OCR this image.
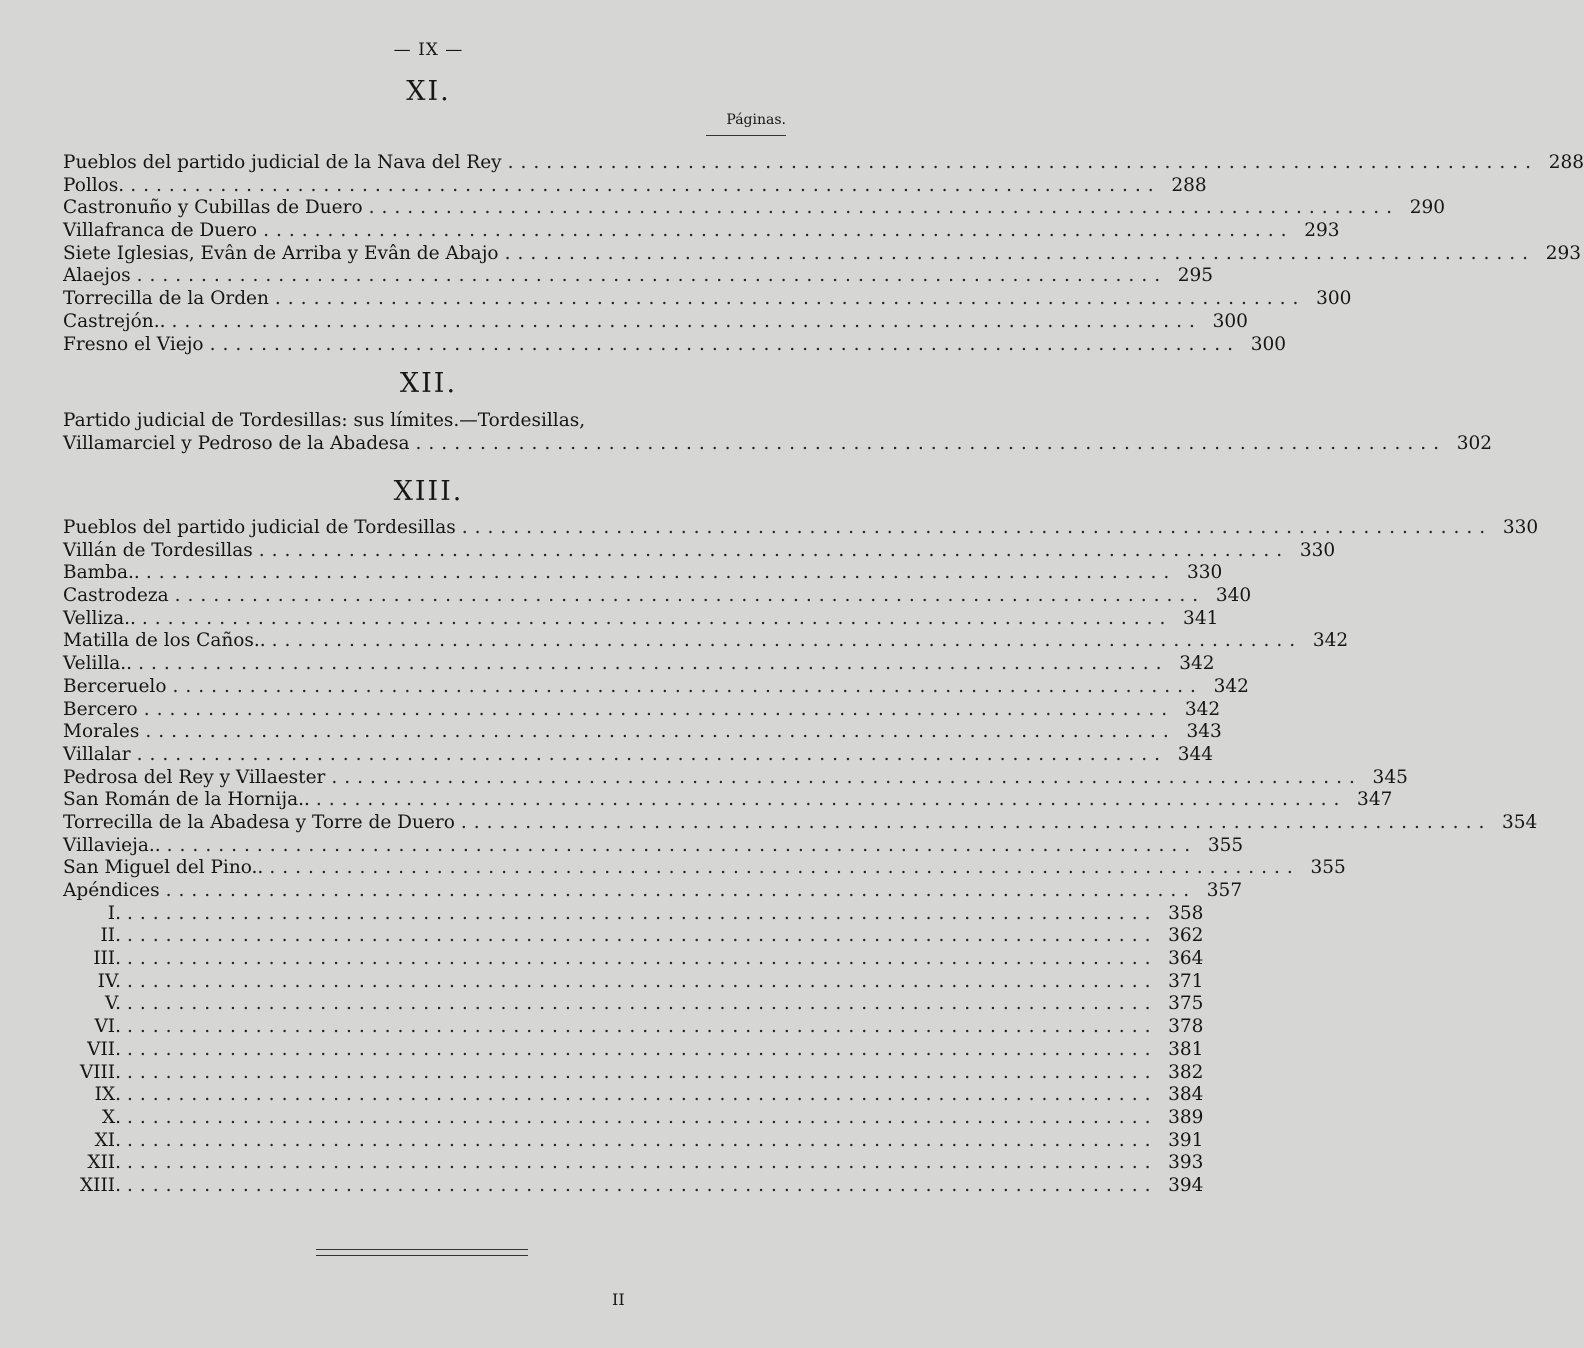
— IX —
XI.
Páginas.
Pueblos del partido judicial de la Nava del Rey ................................................................................ 288
Pollos. ................................................................................ 288
Castronuño y Cubillas de Duero ................................................................................ 290
Villafranca de Duero ................................................................................ 293
Siete Iglesias, Evân de Arriba y Evân de Abajo ................................................................................ 293
Alaejos ................................................................................ 295
Torrecilla de la Orden ................................................................................ 300
Castrejón.. ................................................................................ 300
Fresno el Viejo ................................................................................ 300
XII.
Partido judicial de Tordesillas: sus límites.—Tordesillas,
Villamarciel y Pedroso de la Abadesa ................................................................................ 302
XIII.
Pueblos del partido judicial de Tordesillas ................................................................................ 330
Villán de Tordesillas ................................................................................ 330
Bamba.. ................................................................................ 330
Castrodeza ................................................................................ 340
Velliza.. ................................................................................ 341
Matilla de los Caños.. ................................................................................ 342
Velilla.. ................................................................................ 342
Berceruelo ................................................................................ 342
Bercero ................................................................................ 342
Morales ................................................................................ 343
Villalar ................................................................................ 344
Pedrosa del Rey y Villaester ................................................................................ 345
San Román de la Hornija.. ................................................................................ 347
Torrecilla de la Abadesa y Torre de Duero ................................................................................ 354
Villavieja.. ................................................................................ 355
San Miguel del Pino.. ................................................................................ 355
Apéndices ................................................................................ 357
I. ................................................................................ 358
II. ................................................................................ 362
III. ................................................................................ 364
IV. ................................................................................ 371
V. ................................................................................ 375
VI. ................................................................................ 378
VII. ................................................................................ 381
VIII. ................................................................................ 382
IX. ................................................................................ 384
X. ................................................................................ 389
XI. ................................................................................ 391
XII. ................................................................................ 393
XIII. ................................................................................ 394
II
